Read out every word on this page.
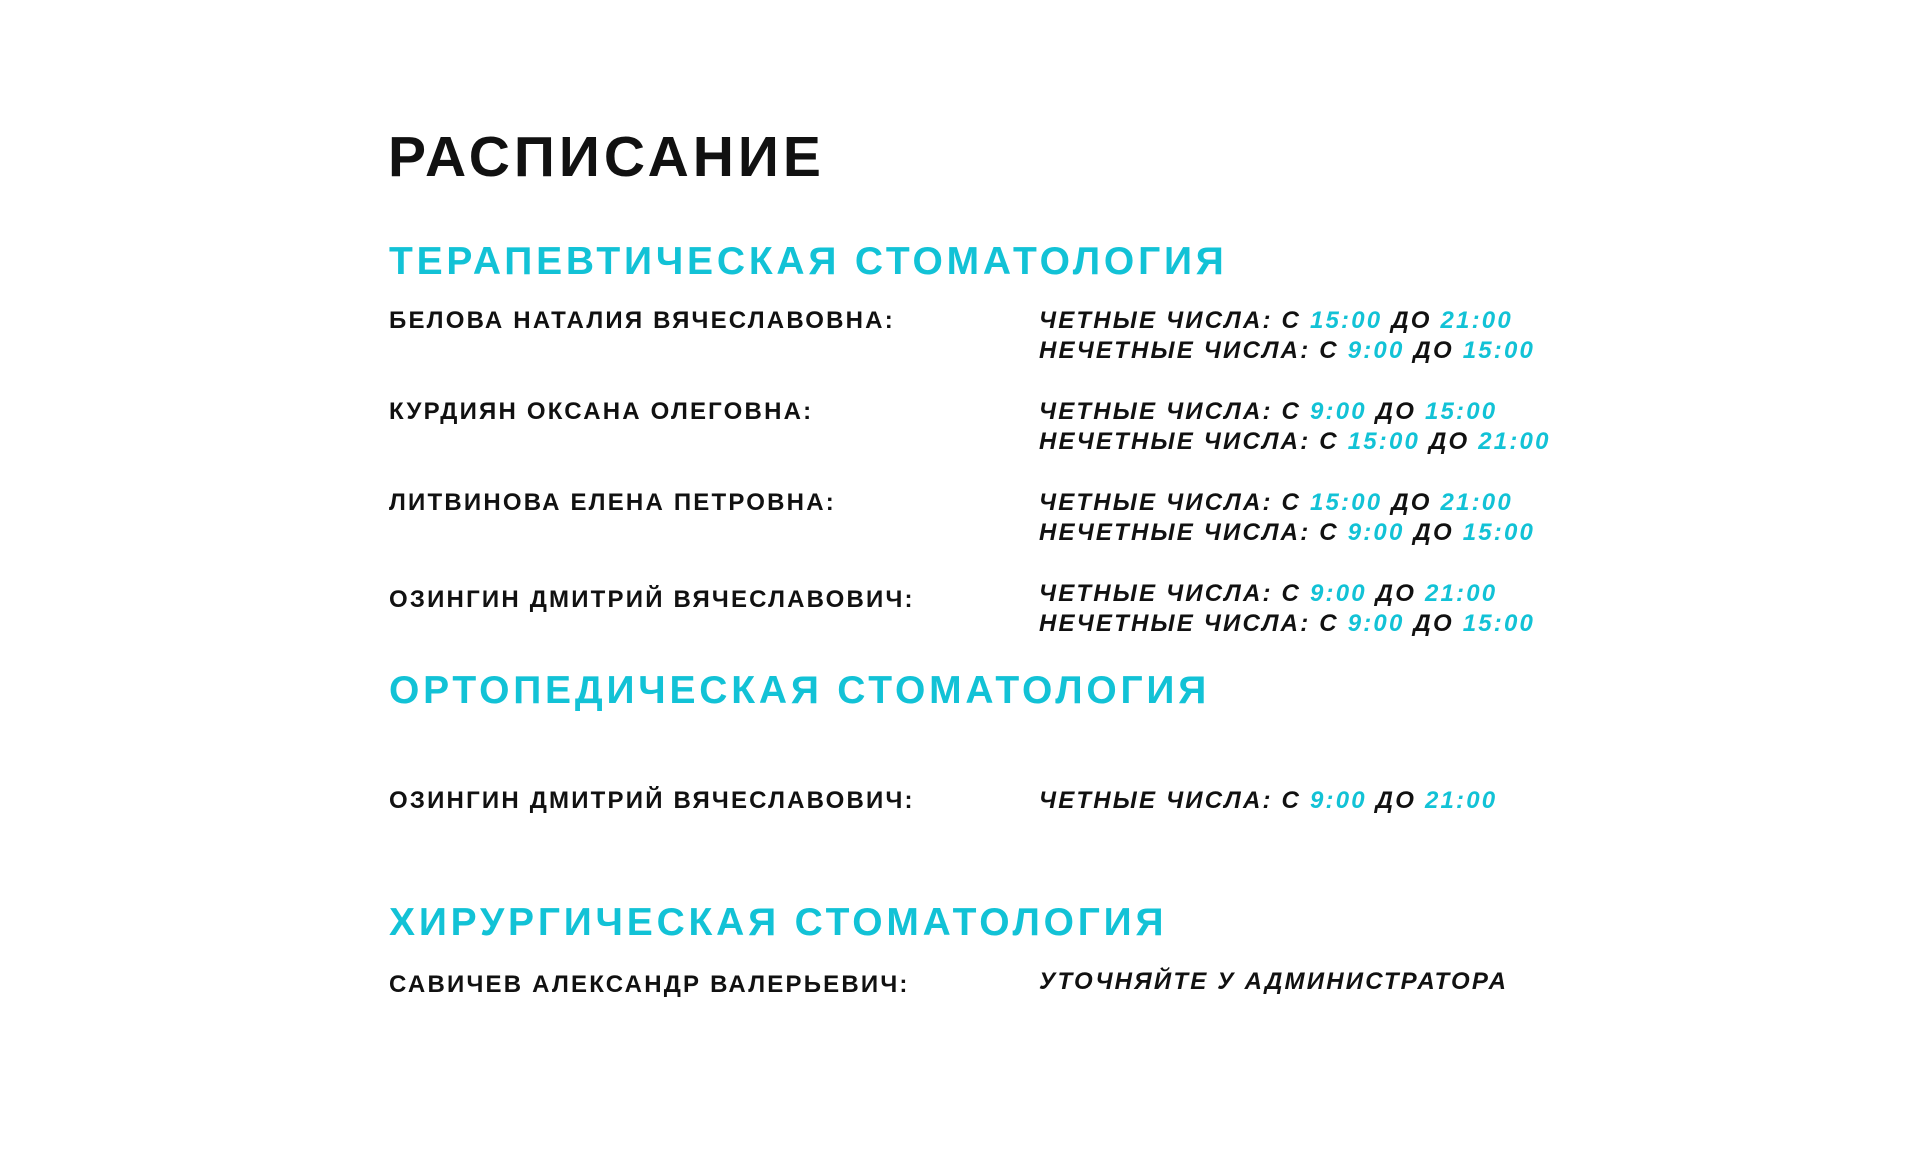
РАСПИСАНИЕ
ТЕРАПЕВТИЧЕСКАЯ СТОМАТОЛОГИЯ
БЕЛОВА НАТАЛИЯ ВЯЧЕСЛАВОВНА:	ЧЕТНЫЕ ЧИСЛА: С 15:00 ДО 21:00
НЕЧЕТНЫЕ ЧИСЛА: С 9:00 ДО 15:00
КУРДИЯН ОКСАНА ОЛЕГОВНА:	ЧЕТНЫЕ ЧИСЛА: С 9:00 ДО 15:00
НЕЧЕТНЫЕ ЧИСЛА: С 15:00 ДО 21:00
ЛИТВИНОВА ЕЛЕНА ПЕТРОВНА:	ЧЕТНЫЕ ЧИСЛА: С 15:00 ДО 21:00
НЕЧЕТНЫЕ ЧИСЛА: С 9:00 ДО 15:00
ОЗИНГИН ДМИТРИЙ ВЯЧЕСЛАВОВИЧ:	ЧЕТНЫЕ ЧИСЛА: С 9:00 ДО 21:00
НЕЧЕТНЫЕ ЧИСЛА: С 9:00 ДО 15:00
ОРТОПЕДИЧЕСКАЯ СТОМАТОЛОГИЯ
ОЗИНГИН ДМИТРИЙ ВЯЧЕСЛАВОВИЧ:	ЧЕТНЫЕ ЧИСЛА: С 9:00 ДО 21:00
ХИРУРГИЧЕСКАЯ СТОМАТОЛОГИЯ
САВИЧЕВ АЛЕКСАНДР ВАЛЕРЬЕВИЧ:	УТОЧНЯЙТЕ У АДМИНИСТРАТОРА
